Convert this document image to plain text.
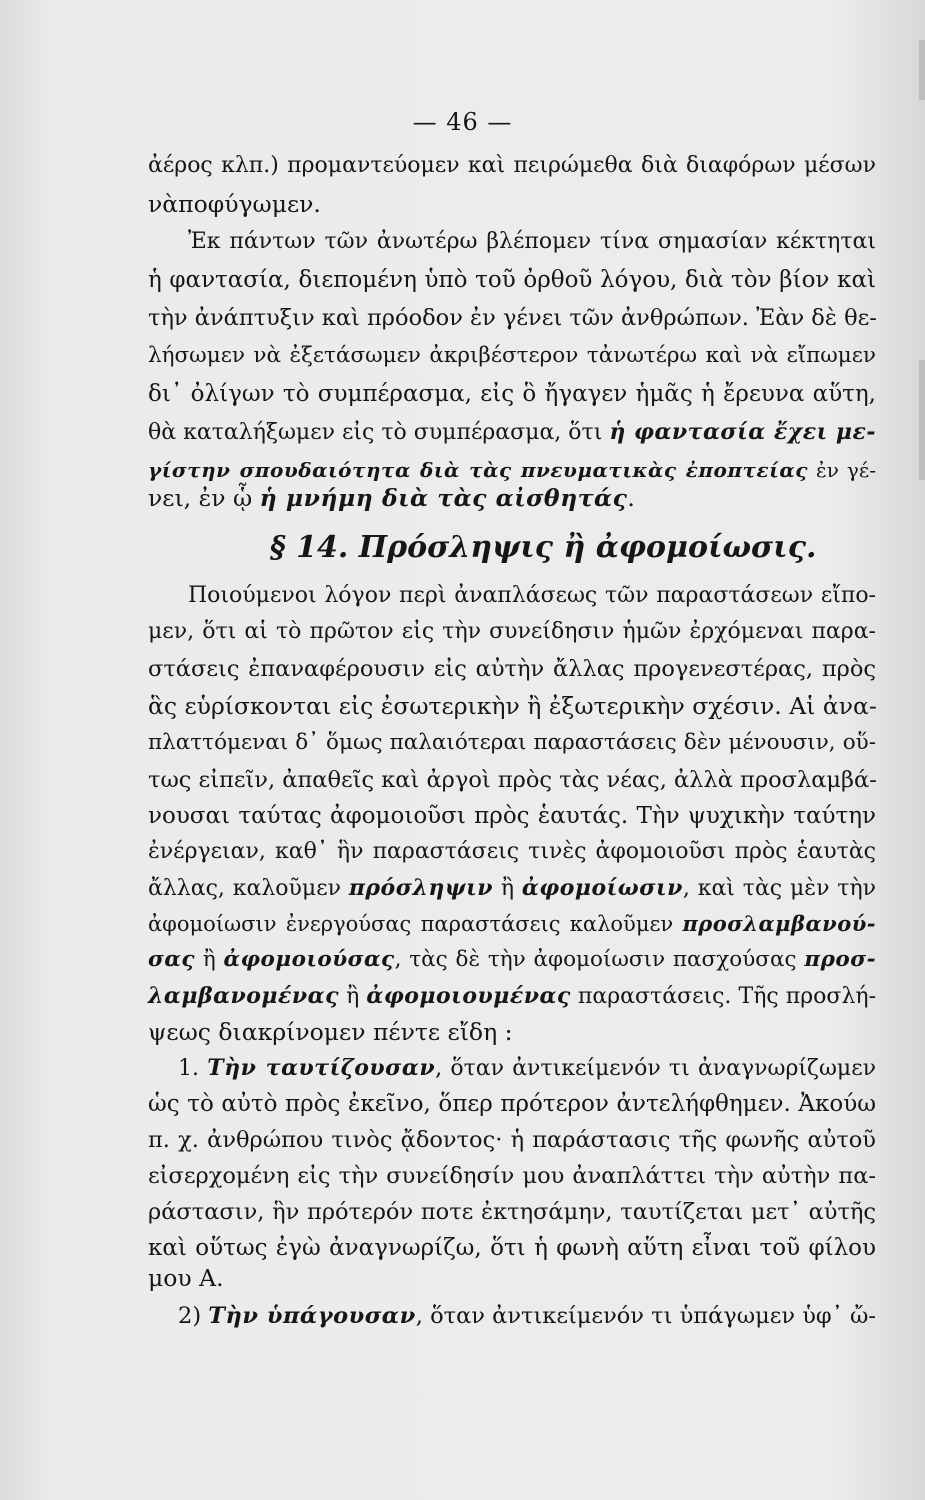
— 46 —
ἀέρος κλπ.) προμαντεύομεν καὶ πειρώμεθα διὰ διαφόρων μέσων
νὰποφύγωμεν.
Ἐκ πάντων τῶν ἀνωτέρω βλέπομεν τίνα σημασίαν κέκτηται
ἡ φαντασία, διεπομένη ὑπὸ τοῦ ὀρθοῦ λόγου, διὰ τὸν βίον καὶ
τὴν ἀνάπτυξιν καὶ πρόοδον ἐν γένει τῶν ἀνθρώπων. Ἐὰν δὲ θε-
λήσωμεν νὰ ἐξετάσωμεν ἀκριβέστερον τἀνωτέρω καὶ νὰ εἴπωμεν
δι᾿ ὀλίγων τὸ συμπέρασμα, εἰς ὃ ἤγαγεν ἡμᾶς ἡ ἔρευνα αὕτη,
θὰ καταλήξωμεν εἰς τὸ συμπέρασμα, ὅτι ἡ φαντασία ἔχει με-
γίστην σπουδαιότητα διὰ τὰς πνευματικὰς ἐποπτείας ἐν γέ-
νει, ἐν ᾧ ἡ μνήμη διὰ τὰς αἰσθητάς.
§ 14. Πρόσληψις ἢ ἀφομοίωσις.
Ποιούμενοι λόγον περὶ ἀναπλάσεως τῶν παραστάσεων εἴπο-
μεν, ὅτι αἱ τὸ πρῶτον εἰς τὴν συνείδησιν ἡμῶν ἐρχόμεναι παρα-
στάσεις ἐπαναφέρουσιν εἰς αὐτὴν ἄλλας προγενεστέρας, πρὸς
ἃς εὑρίσκονται εἰς ἐσωτερικὴν ἢ ἐξωτερικὴν σχέσιν. Αἱ ἀνα-
πλαττόμεναι δ᾿ ὅμως παλαιότεραι παραστάσεις δὲν μένουσιν, οὕ-
τως εἰπεῖν, ἀπαθεῖς καὶ ἀργοὶ πρὸς τὰς νέας, ἀλλὰ προσλαμβά-
νουσαι ταύτας ἀφομοιοῦσι πρὸς ἑαυτάς. Τὴν ψυχικὴν ταύτην
ἐνέργειαν, καθ᾿ ἣν παραστάσεις τινὲς ἀφομοιοῦσι πρὸς ἑαυτὰς
ἄλλας, καλοῦμεν πρόσληψιν ἢ ἀφομοίωσιν, καὶ τὰς μὲν τὴν
ἀφομοίωσιν ἐνεργούσας παραστάσεις καλοῦμεν προσλαμβανού-
σας ἢ ἀφομοιούσας, τὰς δὲ τὴν ἀφομοίωσιν πασχούσας προσ-
λαμβανομένας ἢ ἀφομοιουμένας παραστάσεις. Τῆς προσλή-
ψεως διακρίνομεν πέντε εἴδη :
1. Τὴν ταυτίζουσαν, ὅταν ἀντικείμενόν τι ἀναγνωρίζωμεν
ὡς τὸ αὐτὸ πρὸς ἐκεῖνο, ὅπερ πρότερον ἀντελήφθημεν. Ἀκούω
π. χ. ἀνθρώπου τινὸς ᾄδοντος· ἡ παράστασις τῆς φωνῆς αὐτοῦ
εἰσερχομένη εἰς τὴν συνείδησίν μου ἀναπλάττει τὴν αὐτὴν πα-
ράστασιν, ἣν πρότερόν ποτε ἐκτησάμην, ταυτίζεται μετ᾿ αὐτῆς
καὶ οὕτως ἐγὼ ἀναγνωρίζω, ὅτι ἡ φωνὴ αὕτη εἶναι τοῦ φίλου
μου Α.
2) Τὴν ὑπάγουσαν, ὅταν ἀντικείμενόν τι ὑπάγωμεν ὑφ᾿ ὤ-
